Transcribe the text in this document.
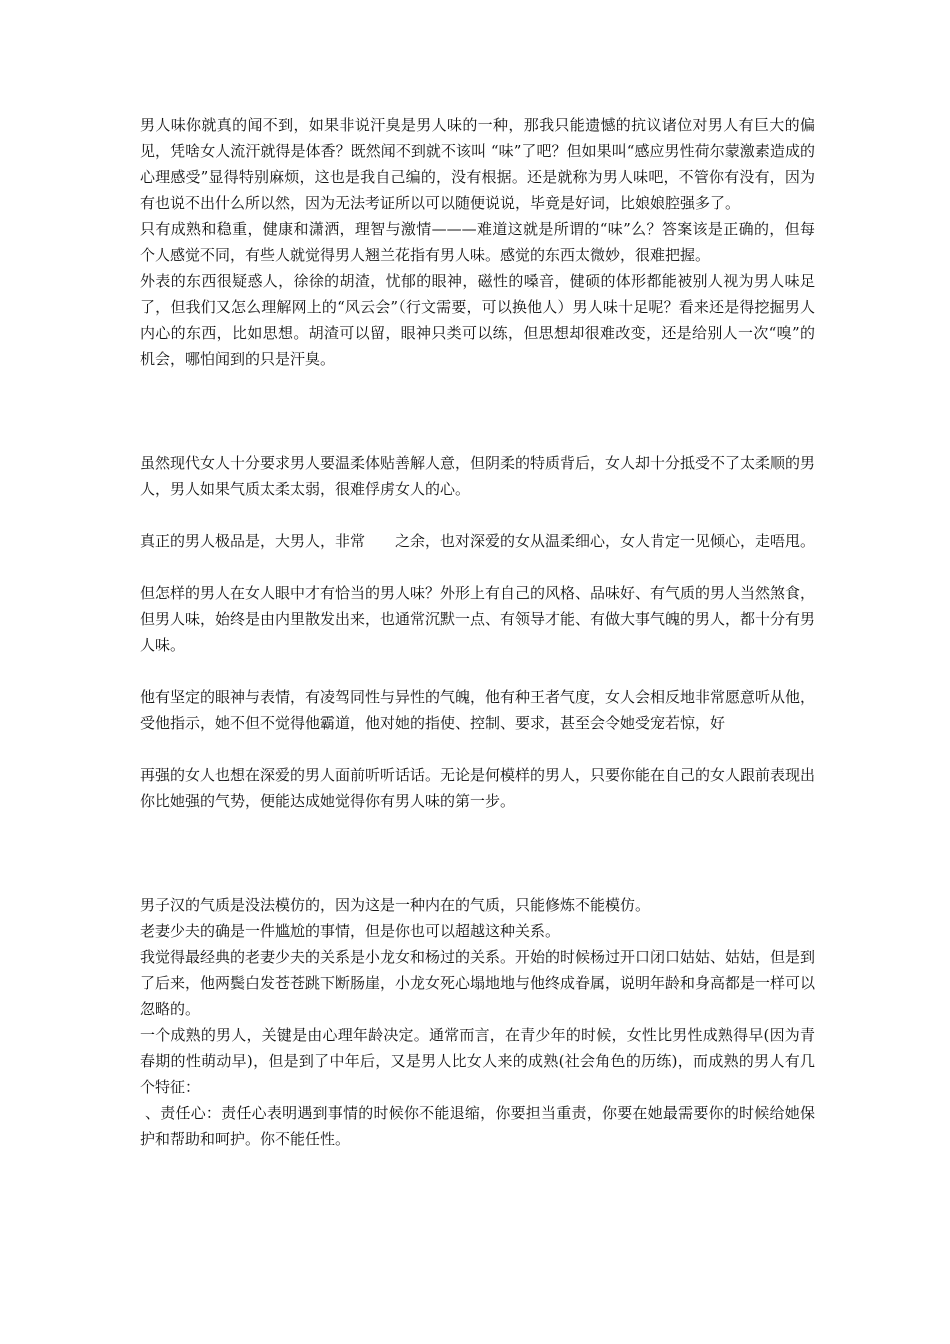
男人味你就真的闻不到，如果非说汗臭是男人味的一种，那我只能遗憾的抗议诸位对男人有巨大的偏见，凭啥女人流汗就得是体香？既然闻不到就不该叫 “味”了吧？但如果叫“感应男性荷尔蒙激素造成的心理感受”显得特别麻烦，这也是我自己编的，没有根据。还是就称为男人味吧，不管你有没有，因为有也说不出什么所以然，因为无法考证所以可以随便说说，毕竟是好词，比娘娘腔强多了。

只有成熟和稳重，健康和潇洒，理智与激情———难道这就是所谓的“味”么？答案该是正确的，但每个人感觉不同，有些人就觉得男人翘兰花指有男人味。感觉的东西太微妙，很难把握。

外表的东西很疑惑人，徐徐的胡渣，忧郁的眼神，磁性的嗓音，健硕的体形都能被别人视为男人味足了，但我们又怎么理解网上的“风云会”（行文需要，可以换他人）男人味十足呢？看来还是得挖掘男人内心的东西，比如思想。胡渣可以留，眼神只类可以练，但思想却很难改变，还是给别人一次“嗅”的机会，哪怕闻到的只是汗臭。

虽然现代女人十分要求男人要温柔体贴善解人意，但阴柔的特质背后，女人却十分抵受不了太柔顺的男人，男人如果气质太柔太弱，很难俘虏女人的心。

真正的男人极品是，大男人，非常　　之余，也对深爱的女从温柔细心，女人肯定一见倾心，走唔甩。

但怎样的男人在女人眼中才有恰当的男人味？外形上有自己的风格、品味好、有气质的男人当然煞食，但男人味，始终是由内里散发出来，也通常沉默一点、有领导才能、有做大事气魄的男人，都十分有男人味。

他有坚定的眼神与表情，有凌驾同性与异性的气魄，他有种王者气度，女人会相反地非常愿意听从他，受他指示，她不但不觉得他霸道，他对她的指使、控制、要求，甚至会令她受宠若惊，好

再强的女人也想在深爱的男人面前听听话话。无论是何模样的男人，只要你能在自己的女人跟前表现出你比她强的气势，便能达成她觉得你有男人味的第一步。

男子汉的气质是没法模仿的，因为这是一种内在的气质，只能修炼不能模仿。

老妻少夫的确是一件尴尬的事情，但是你也可以超越这种关系。

我觉得最经典的老妻少夫的关系是小龙女和杨过的关系。开始的时候杨过开口闭口姑姑、姑姑，但是到了后来，他两鬓白发苍苍跳下断肠崖，小龙女死心塌地地与他终成眷属，说明年龄和身高都是一样可以忽略的。

一个成熟的男人，关键是由心理年龄决定。通常而言，在青少年的时候，女性比男性成熟得早(因为青春期的性萌动早)，但是到了中年后，又是男人比女人来的成熟(社会角色的历练)，而成熟的男人有几个特征：

、责任心：责任心表明遇到事情的时候你不能退缩，你要担当重责，你要在她最需要你的时候给她保护和帮助和呵护。你不能任性。
